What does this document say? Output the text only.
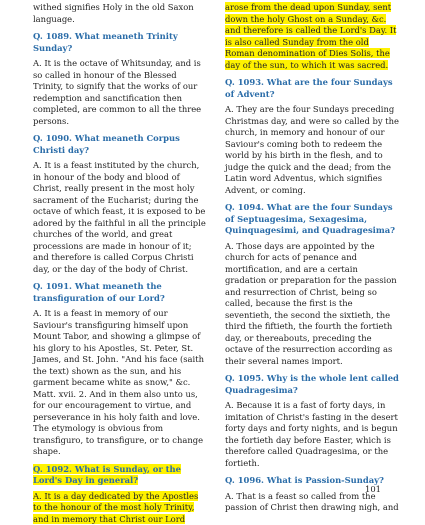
withed signifies Holy in the old Saxon language.

Q. 1089. What meaneth Trinity Sunday?

A. It is the octave of Whitsunday, and is so called in honour of the Blessed Trinity, to signify that the works of our redemption and sanctification then completed, are common to all the three persons.

Q. 1090. What meaneth Corpus Christi day?

A. It is a feast instituted by the church, in honour of the body and blood of Christ, really present in the most holy sacrament of the Eucharist; during the octave of which feast, it is exposed to be adored by the faithful in all the principle churches of the world, and great processions are made in honour of it; and therefore is called Corpus Christi day, or the day of the body of Christ.

Q. 1091. What meaneth the transfiguration of our Lord?

A. It is a feast in memory of our Saviour's transfiguring himself upon Mount Tabor, and showing a glimpse of his glory to his Apostles, St. Peter, St. James, and St. John. "And his face (saith the text) shown as the sun, and his garment became white as snow," &c. Matt. xvii. 2. And in them also unto us, for our encouragement to virtue, and perseverance in his holy faith and love. The etymology is obvious from transfiguro, to transfigure, or to change shape.

Q. 1092. What is Sunday, or the Lord's Day in general?

A. It is a day dedicated by the Apostles to the honour of the most holy Trinity, and in memory that Christ our Lord

arose from the dead upon Sunday, sent down the holy Ghost on a Sunday, &c. and therefore is called the Lord's Day. It is also called Sunday from the old Roman denomination of Dies Solis, the day of the sun, to which it was sacred.

Q. 1093. What are the four Sundays of Advent?

A. They are the four Sundays preceding Christmas day, and were so called by the church, in memory and honour of our Saviour's coming both to redeem the world by his birth in the flesh, and to judge the quick and the dead; from the Latin word Adventus, which signifies Advent, or coming.

Q. 1094. What are the four Sundays of Septuagesima, Sexagesima, Quinquagesimi, and Quadragesima?

A. Those days are appointed by the church for acts of penance and mortification, and are a certain gradation or preparation for the passion and resurrection of Christ, being so called, because the first is the seventieth, the second the sixtieth, the third the fiftieth, the fourth the fortieth day, or thereabouts, preceding the octave of the resurrection according as their several names import.

Q. 1095. Why is the whole lent called Quadragesima?

A. Because it is a fast of forty days, in imitation of Christ's fasting in the desert forty days and forty nights, and is begun the fortieth day before Easter, which is therefore called Quadragesima, or the fortieth.

Q. 1096. What is Passion-Sunday?

A. That is a feast so called from the passion of Christ then drawing nigh, and

101
